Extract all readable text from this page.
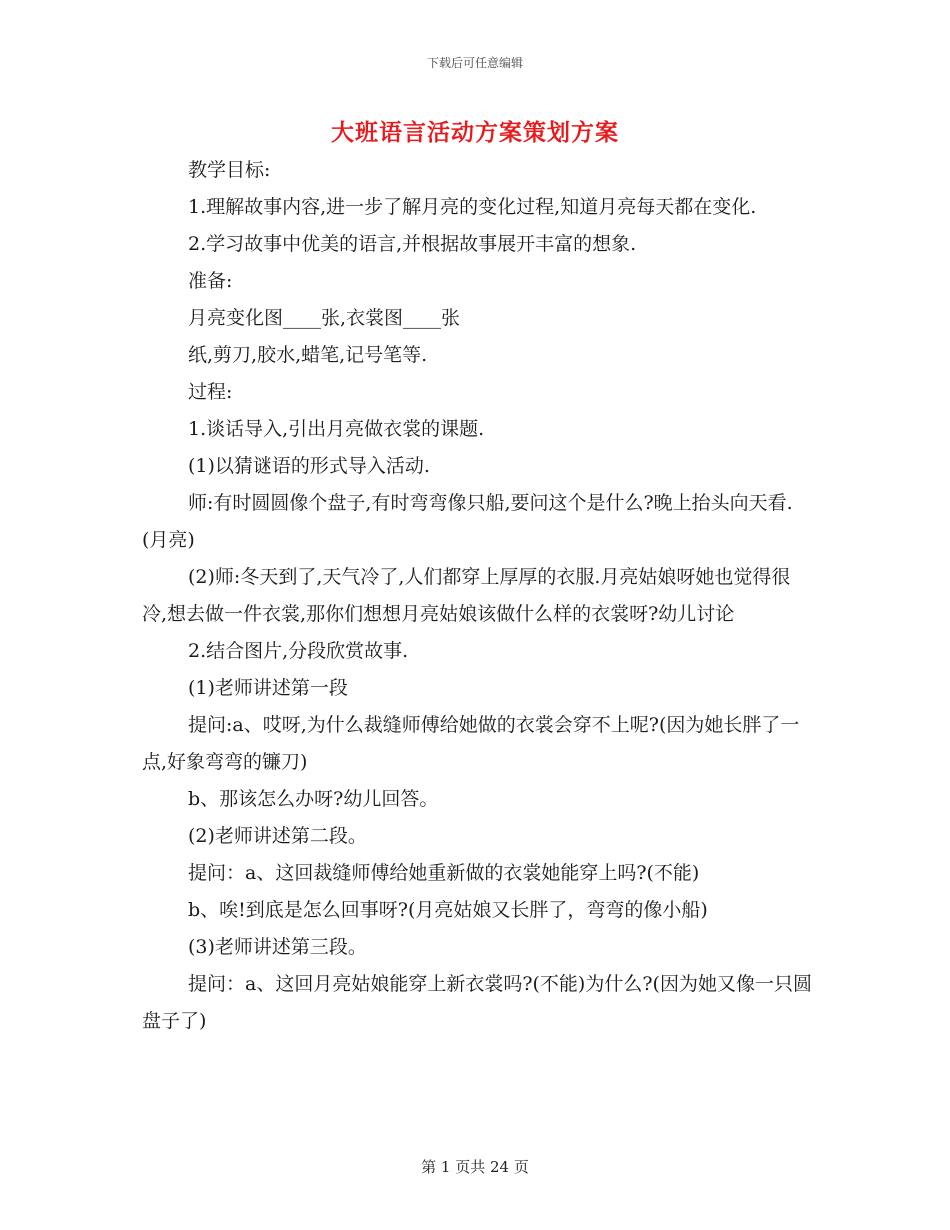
下载后可任意编辑
大班语言活动方案策划方案

教学目标:

1.理解故事内容,进一步了解月亮的变化过程,知道月亮每天都在变化.

2.学习故事中优美的语言,并根据故事展开丰富的想象.

准备:

月亮变化图____张,衣裳图____张

纸,剪刀,胶水,蜡笔,记号笔等.

过程:

1.谈话导入,引出月亮做衣裳的课题.

(1)以猜谜语的形式导入活动.

师:有时圆圆像个盘子,有时弯弯像只船,要问这个是什么?晚上抬头向天看.(月亮)

(2)师:冬天到了,天气冷了,人们都穿上厚厚的衣服.月亮姑娘呀她也觉得很冷,想去做一件衣裳,那你们想想月亮姑娘该做什么样的衣裳呀?幼儿讨论

2.结合图片,分段欣赏故事.

(1)老师讲述第一段

提问:a、哎呀,为什么裁缝师傅给她做的衣裳会穿不上呢?(因为她长胖了一点,好象弯弯的镰刀)

b、那该怎么办呀?幼儿回答。

(2)老师讲述第二段。

提问：a、这回裁缝师傅给她重新做的衣裳她能穿上吗?(不能)

b、唉!到底是怎么回事呀?(月亮姑娘又长胖了，弯弯的像小船)

(3)老师讲述第三段。

提问：a、这回月亮姑娘能穿上新衣裳吗?(不能)为什么?(因为她又像一只圆盘子了)

第 1 页共 24 页
